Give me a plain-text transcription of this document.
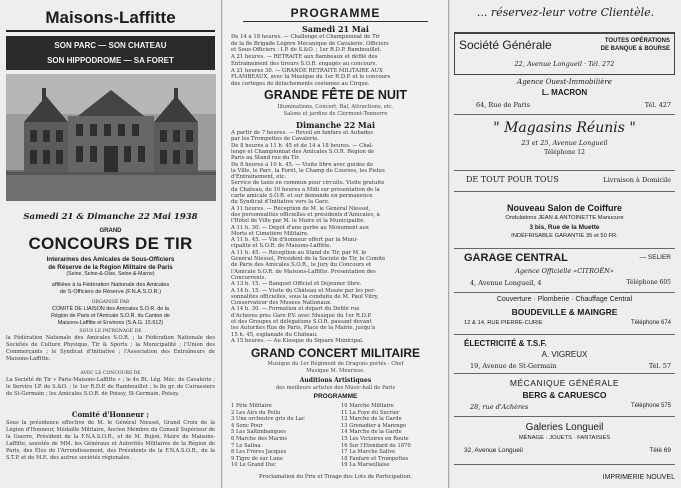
Maisons-Laffitte
SON PARC — SON CHATEAU
SON HIPPODROME — SA FORET
Samedi 21 & Dimanche 22 Mai 1938
GRAND
CONCOURS DE TIR
Interarmes des Amicales de Sous-Officiers
de Réserve de la Région Militaire de Paris
(Seine, Seine-&-Oise, Seine-&-Marne)
affiliées à la Fédération Nationale des Amicales
de S-Officiers de Réserve (F.N.A.S.O.R.)
ORGANISÉ PAR
COMITÉ DE LIAISON des Amicales S.O.R. de la
Région de Paris et l'Amicale S.O.R. du Canton de
Maisons-Laffitte et Environs (S.A.G. 15.612)
SOUS LE PATRONAGE DE
la Fédération Nationale des Amicales S.O.R. ; la Fédération Nationale des Sociétés de Culture Physique, Tir & Sports ; la Municipalité ; l'Union des Commerçants ; le Syndicat d'Initiative ; l'Association des Entraîneurs de Maisons-Laffitte.
AVEC LE CONCOURS DE
La Société de Tir « Paris-Maisons-Laffitte » ; le 4e Bt. Lég. Méc. de Cavalerie ; le Service I.P. de S.&O. ; le 1er R.D.P. de Rambouillet ; le 8e gr. de Cuirassiers de St-Germain ; les Amicales S.O.R. de Poissy, St-Germain, Poissy.
Comité d'Honneur ;
Sous la présidence effective de M. le Général Niessel, Grand Croix de la Légion d'Honneur, Médaille Militaire, Ancien Membre du Conseil Supérieur de la Guerre, Président de la F.N.A.S.O.R., et de M. Bujon, Maire de Maisons-Laffitte, assistés de MM. les Généraux et Autorités Militaires de la Région de Paris, des Élus de l'Arrondissement, des Présidents de la F.N.A.S.O.R., de la S.T.P. et de M.E. des autres sociétés régionales.
PROGRAMME
Samedi 21 Mai
De 14 à 18 heures. — Challenge et Championnat de Tir
de la 8e Brigade Légère Mécanique de Cavalerie. Officiers
et Sous-Officiers : I.P. de S.&O. ; 1er R.D.P. Rambouillet.
A 21 heures. — RETRAITE aux flambeaux et défilé des
Entraînement des tireurs S.O.R. engagés au concours.
A 21 heures 30. — GRANDE RETRAITE MILITAIRE AUX
FLAMBEAUX, avec la Musique du 1er R.D.P. et le concours
des cortèges de détachements costumés au Cirque.
GRANDE FÊTE DE NUIT
Illuminations, Concert, Bal, Attractions, etc.
Salons et jardins de Clermont-Tonnerre
Dimanche 22 Mai
A partir de 7 heures. — Réveil en fanfare et Aubades
par les Trompettes de Cavalerie.
De 8 heures à 11 h. 45 et de 14 à 18 heures. — Chal-
lenge et Championnat des Amicales S.O.R. Région de
Paris au Stand rue du Tir.
De 8 heures à 10 h. 45. — Visite libre avec guides de
la Ville, le Parc, la Forêt, le Champ de Courses, les Pistes
d'Entraînement, etc.
Service de taxis en commun pour circuits. Visite gratuite
du Château, de 10 heures à Midi sur présentation de la
carte amicale S.O.R. et sur demande en permanence
du Syndicat d'Initiative vers la Gare.
A 11 heures. — Réception de M. le Général Niessel,
des personnalités officielles et présidents d'Amicales, à
l'Hôtel de Ville par M. le Maire et la Municipalité.
A 11 h. 30. — Dépôt d'une gerbe au Monument aux
Morts et Cimetière Militaire.
A 11 h. 45. — Vin d'honneur offert par la Muni-
cipalité et S.O.R. de Maisons-Laffitte.
A 11 h. 45. — Réception au Stand de Tir, par M. le
Général Niessel, Président de la Société de Tir, le Comité
de Paris des Amicales S.O.R., le Jury du Concours et
l'Amicale S.O.R. de Maisons-Laffitte. Présentation des
Concurrents.
A 13 h. 15. — Banquet Officiel et Déjeuner libre.
A 14 h. 15. — Visite du Château et Musée par les per-
sonnalités officielles, sous la conduite de M. Paul Vitry,
Conservateur des Musées Nationaux.
A 14 h. 30. — Formation et départ du Défilé rue
d'Achères près Gare P.V. avec Musique du 1er R.D.P.
et des Groupes et délégations S.O.R. passant devant
les Autorités Rue de Paris, Place de la Mairie, jusqu'à
15 h. 45, esplanade du Château.
A 15 heures. — Au Kiosque du Square Municipal.
GRAND CONCERT MILITAIRE
Musique du 1er Régiment de Dragons portés · Chef
Musique M. Meurisse.
Auditions Artistiques
des meilleurs artistes des Music-hall de Paris
PROGRAMME
1 Fête Militaire
2 Les Airs du Poilu
3 Une orchestre gris du Lac
4 Sonc Pour
5 Les Saltimbanques
6 Marche des Marins
7 Le Salina
8 Les Frères Jacques
9 Tigre de sur Lune
10 Le Grand Duc
10 Marche Militaire
11 La Foye du Sucrier
12 Marche de la Garde
13 Grenadier à Marengo
14 Marche de la Garde
15 Les Victoires en Route
16 Sur l'Étendard de 1870
17 La Marche Salive
18 Fanfare et Trompettes
19 La Marseillaise
Proclamation du Prix et Tirage des Lots de Participation.
... réservez-leur votre Clientèle.
Société Générale	TOUTES OPÉRATIONS
DE BANQUE & BOURSE
22, Avenue Longueil · Tél. 272
Agence Ouest-Immobilière
L. MACRON
64, Rue de Paris	Tél. 427
" Magasins Réunis "
23 et 25, Avenue Longueil
Téléphone 12
DE TOUT POUR TOUS	Livraison à Domicile
Nouveau Salon de Coiffure
Ondulations JEAN & ANTOINETTE Manucure
3 bis, Rue de la Muette
INDÉFRISABLE GARANTIE 35 et 50 FR.
GARAGE CENTRAL	— SELIER
Agence Officielle «CITROËN»
4, Avenue Longueil, 4	Téléphone 605
Couverture · Plomberie · Chauffage Central
BOUDEVILLE & MAINGRE
12 & 14, RUE PIERRE-CURIE	Téléphone 674
ÉLECTRICITÉ & T.S.F.
A. VIGREUX
19, Avenue de St-Germain	Tél. 57
MÉCANIQUE GÉNÉRALE
BERG & CARUESCO
28, rue d'Achères	Téléphone 575
Galeries Longueil
MÉNAGE · JOUETS · FANTAISIES
32, Avenue Longueil	Télé 69
IMPRIMERIE NOUVEL
